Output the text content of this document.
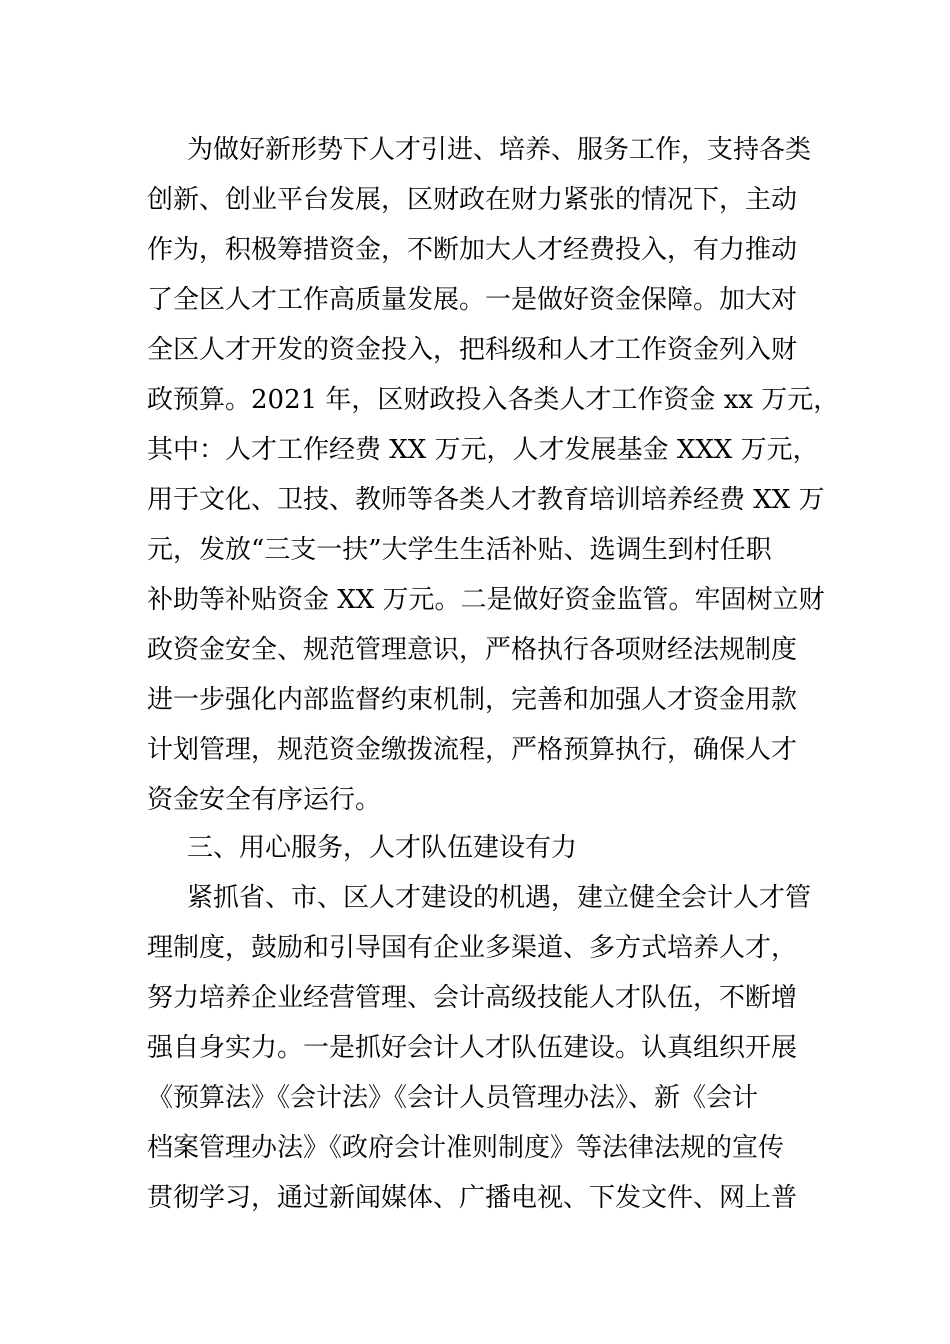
为做好新形势下人才引进、培养、服务工作，支持各类
创新、创业平台发展，区财政在财力紧张的情况下，主动
作为，积极筹措资金，不断加大人才经费投入，有力推动
了全区人才工作高质量发展。一是做好资金保障。加大对
全区人才开发的资金投入，把科级和人才工作资金列入财
政预算。2021 年，区财政投入各类人才工作资金 xx 万元，
其中：人才工作经费 XX 万元，人才发展基金 XXX 万元，
用于文化、卫技、教师等各类人才教育培训培养经费 XX 万
元，发放“三支一扶”大学生生活补贴、选调生到村任职
补助等补贴资金 XX 万元。二是做好资金监管。牢固树立财
政资金安全、规范管理意识，严格执行各项财经法规制度
进一步强化内部监督约束机制，完善和加强人才资金用款
计划管理，规范资金缴拨流程，严格预算执行，确保人才
资金安全有序运行。
三、用心服务，人才队伍建设有力
紧抓省、市、区人才建设的机遇，建立健全会计人才管
理制度，鼓励和引导国有企业多渠道、多方式培养人才，
努力培养企业经营管理、会计高级技能人才队伍，不断增
强自身实力。一是抓好会计人才队伍建设。认真组织开展
《预算法》《会计法》《会计人员管理办法》、新《会计
档案管理办法》《政府会计准则制度》等法律法规的宣传
贯彻学习，通过新闻媒体、广播电视、下发文件、网上普
